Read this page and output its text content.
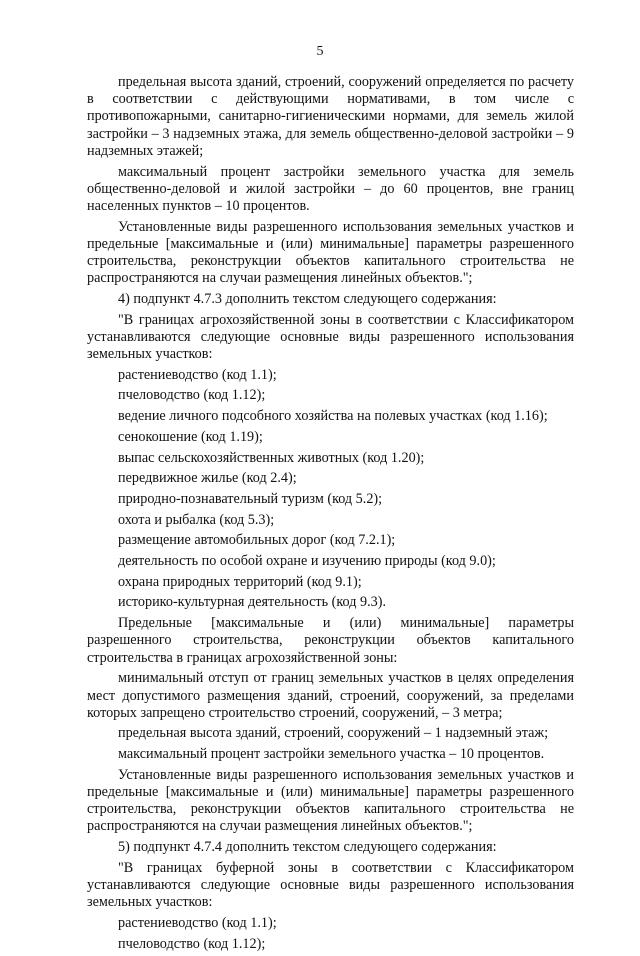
5

предельная высота зданий, строений, сооружений определяется по расчету в соответствии с действующими нормативами, в том числе с противопожарными, санитарно-гигиеническими нормами, для земель жилой застройки – 3 надземных этажа, для земель общественно-деловой застройки – 9 надземных этажей;

максимальный процент застройки земельного участка для земель общественно-деловой и жилой застройки – до 60 процентов, вне границ населенных пунктов – 10 процентов.

Установленные виды разрешенного использования земельных участков и предельные [максимальные и (или) минимальные] параметры разрешенного строительства, реконструкции объектов капитального строительства не распространяются на случаи размещения линейных объектов.";

4) подпункт 4.7.3 дополнить текстом следующего содержания:

"В границах агрохозяйственной зоны в соответствии с Классификатором устанавливаются следующие основные виды разрешенного использования земельных участков:

растениеводство (код 1.1);

пчеловодство (код 1.12);

ведение личного подсобного хозяйства на полевых участках (код 1.16);

сенокошение (код 1.19);

выпас сельскохозяйственных животных (код 1.20);

передвижное жилье (код 2.4);

природно-познавательный туризм (код 5.2);

охота и рыбалка (код 5.3);

размещение автомобильных дорог (код 7.2.1);

деятельность по особой охране и изучению природы (код 9.0);

охрана природных территорий (код 9.1);

историко-культурная деятельность (код 9.3).

Предельные [максимальные и (или) минимальные] параметры разрешенного строительства, реконструкции объектов капитального строительства в границах агрохозяйственной зоны:

минимальный отступ от границ земельных участков в целях определения мест допустимого размещения зданий, строений, сооружений, за пределами которых запрещено строительство строений, сооружений, – 3 метра;

предельная высота зданий, строений, сооружений – 1 надземный этаж;

максимальный процент застройки земельного участка – 10 процентов.

Установленные виды разрешенного использования земельных участков и предельные [максимальные и (или) минимальные] параметры разрешенного строительства, реконструкции объектов капитального строительства не распространяются на случаи размещения линейных объектов.";

5) подпункт 4.7.4 дополнить текстом следующего содержания:

"В границах буферной зоны в соответствии с Классификатором устанавливаются следующие основные виды разрешенного использования земельных участков:

растениеводство (код 1.1);

пчеловодство (код 1.12);
